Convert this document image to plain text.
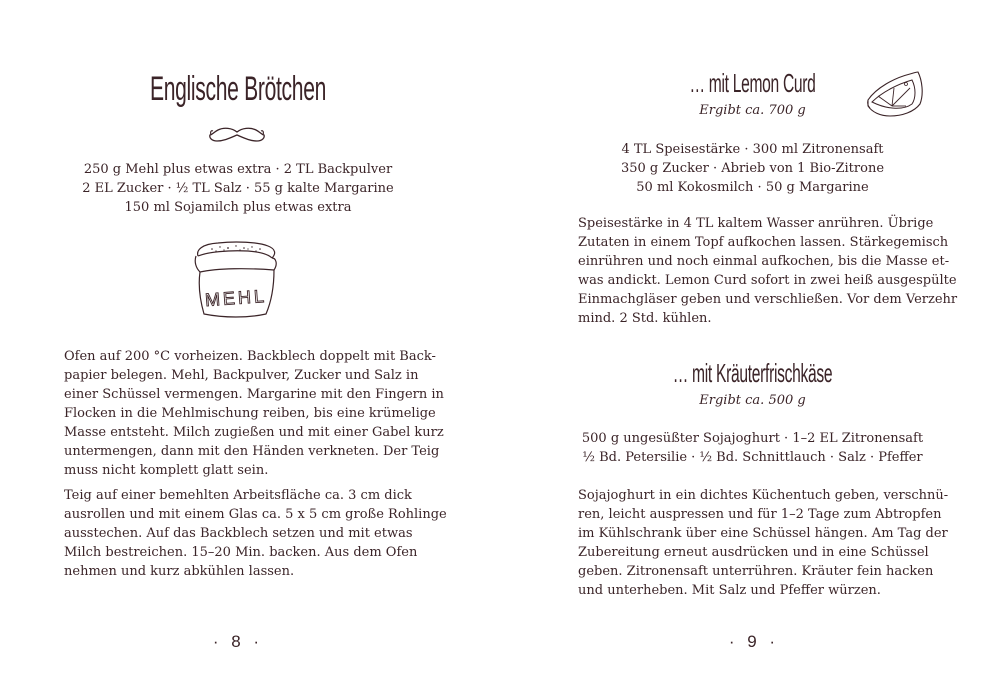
Englische Brötchen
250 g Mehl plus etwas extra · 2 TL Backpulver
2 EL Zucker · ½ TL Salz · 55 g kalte Margarine
150 ml Sojamilch plus etwas extra
MEHL
Ofen auf 200 °C vorheizen. Backblech doppelt mit Back-
papier belegen. Mehl, Backpulver, Zucker und Salz in
einer Schüssel vermengen. Margarine mit den Fingern in
Flocken in die Mehlmischung reiben, bis eine krümelige
Masse entsteht. Milch zugießen und mit einer Gabel kurz
untermengen, dann mit den Händen verkneten. Der Teig
muss nicht komplett glatt sein.
Teig auf einer bemehlten Arbeitsfläche ca. 3 cm dick
ausrollen und mit einem Glas ca. 5 x 5 cm große Rohlinge
ausstechen. Auf das Backblech setzen und mit etwas
Milch bestreichen. 15–20 Min. backen. Aus dem Ofen
nehmen und kurz abkühlen lassen.
· 8 ·
… mit Lemon Curd
Ergibt ca. 700 g
4 TL Speisestärke · 300 ml Zitronensaft
350 g Zucker · Abrieb von 1 Bio-Zitrone
50 ml Kokosmilch · 50 g Margarine
Speisestärke in 4 TL kaltem Wasser anrühren. Übrige
Zutaten in einem Topf aufkochen lassen. Stärkegemisch
einrühren und noch einmal aufkochen, bis die Masse et-
was andickt. Lemon Curd sofort in zwei heiß ausgespülte
Einmachgläser geben und verschließen. Vor dem Verzehr
mind. 2 Std. kühlen.
… mit Kräuterfrischkäse
Ergibt ca. 500 g
500 g ungesüßter Sojajoghurt · 1–2 EL Zitronensaft
½ Bd. Petersilie · ½ Bd. Schnittlauch · Salz · Pfeffer
Sojajoghurt in ein dichtes Küchentuch geben, verschnü-
ren, leicht auspressen und für 1–2 Tage zum Abtropfen
im Kühlschrank über eine Schüssel hängen. Am Tag der
Zubereitung erneut ausdrücken und in eine Schüssel
geben. Zitronensaft unterrühren. Kräuter fein hacken
und unterheben. Mit Salz und Pfeffer würzen.
· 9 ·
